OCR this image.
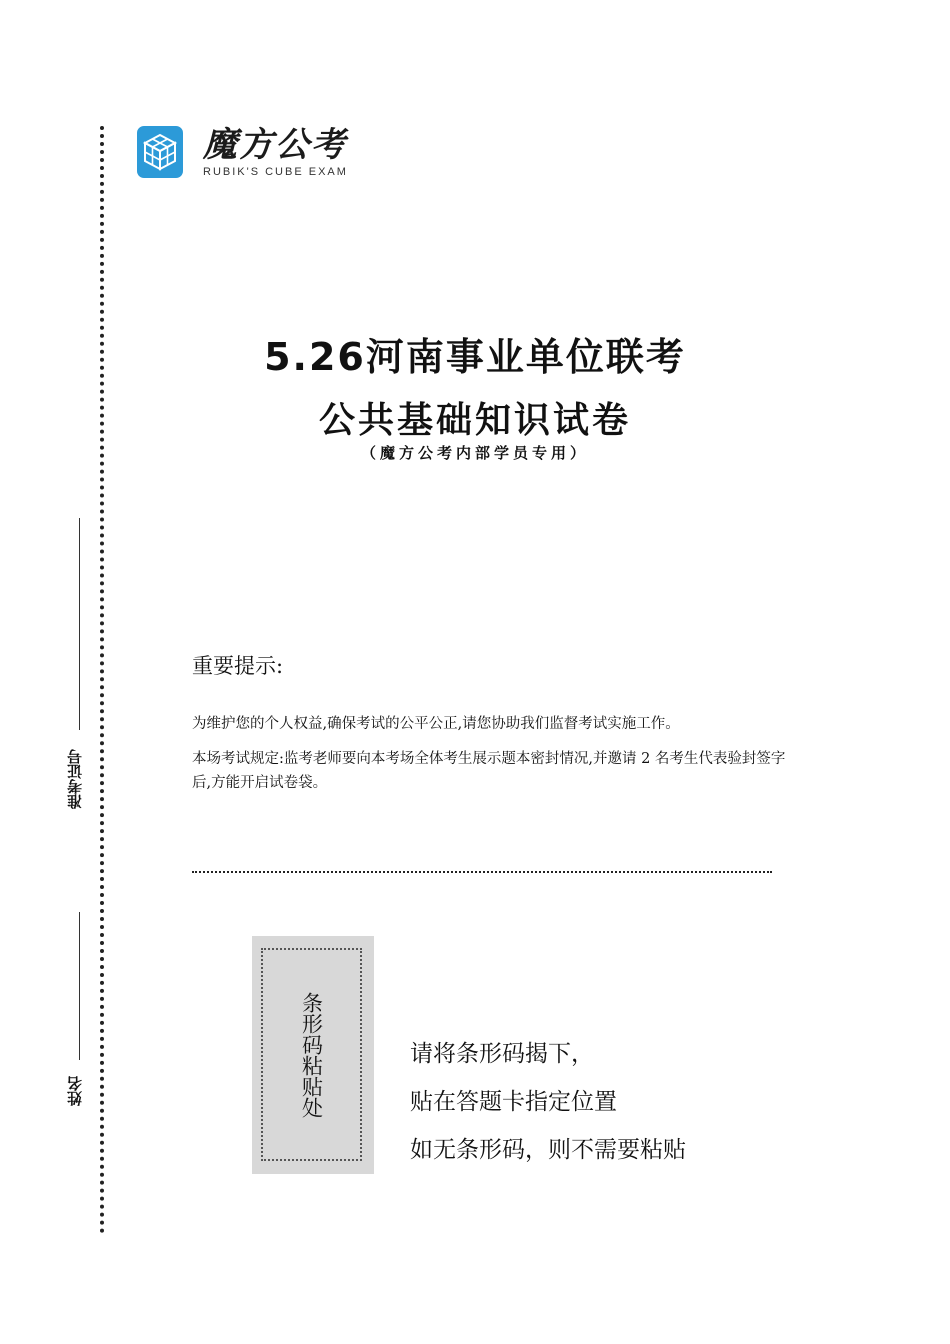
准考证号
姓名
魔方公考
RUBIK'S CUBE EXAM
5.26河南事业单位联考
公共基础知识试卷
（魔方公考内部学员专用）
重要提示:

为维护您的个人权益,确保考试的公平公正,请您协助我们监督考试实施工作。

本场考试规定:监考老师要向本考场全体考生展示题本密封情况,并邀请 2 名考生代表验封签字后,方能开启试卷袋。

条形码粘贴处	请将条形码揭下，
贴在答题卡指定位置
如无条形码，则不需要粘贴
